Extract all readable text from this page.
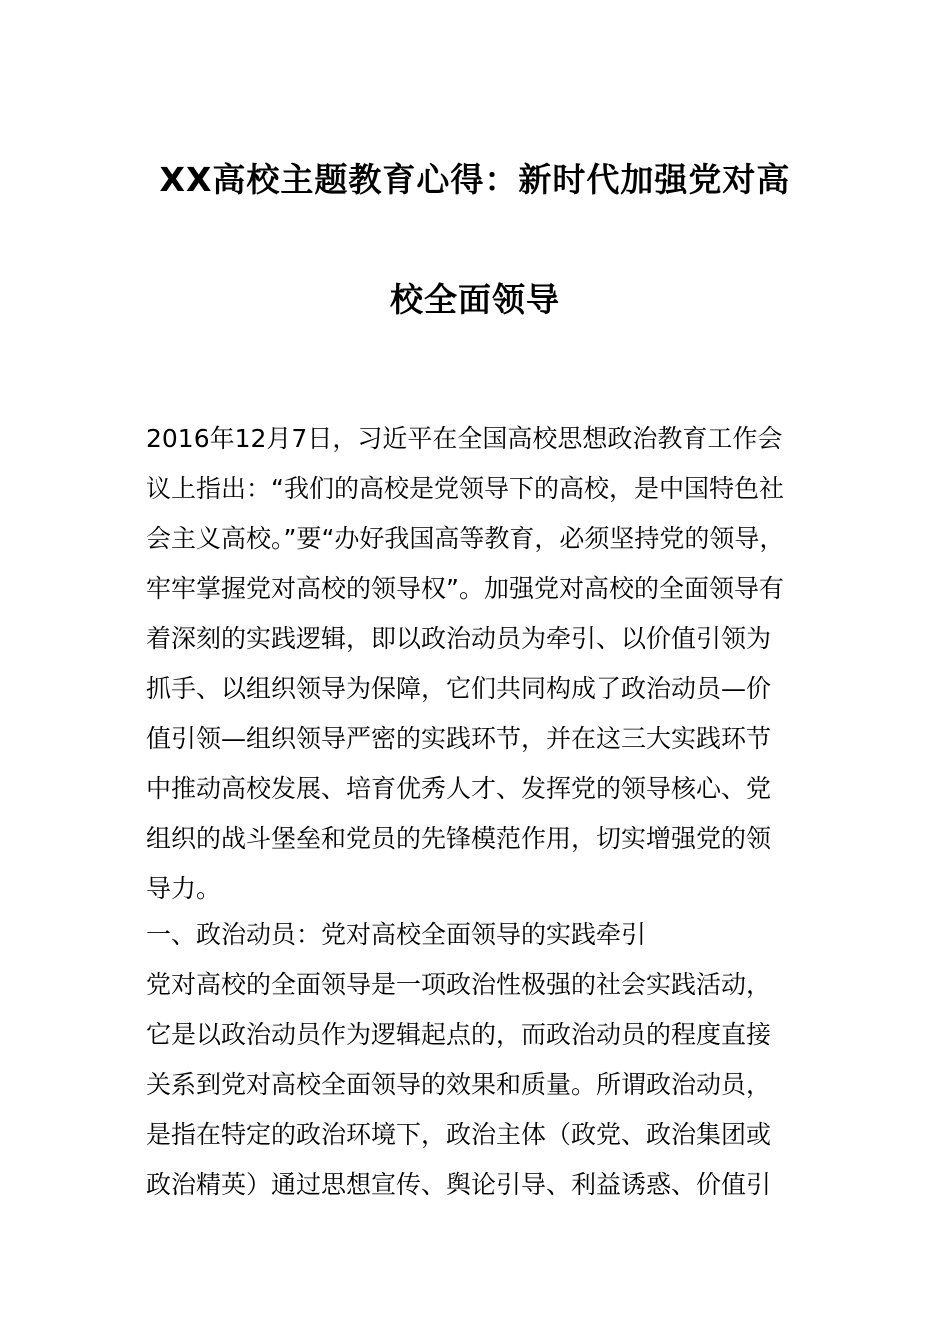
XX高校主题教育心得：新时代加强党对高
校全面领导
2016年12月7日，习近平在全国高校思想政治教育工作会
议上指出：“我们的高校是党领导下的高校，是中国特色社
会主义高校。”要“办好我国高等教育，必须坚持党的领导，
牢牢掌握党对高校的领导权”。加强党对高校的全面领导有
着深刻的实践逻辑，即以政治动员为牵引、以价值引领为
抓手、以组织领导为保障，它们共同构成了政治动员—价
值引领—组织领导严密的实践环节，并在这三大实践环节
中推动高校发展、培育优秀人才、发挥党的领导核心、党
组织的战斗堡垒和党员的先锋模范作用，切实增强党的领
导力。
一、政治动员：党对高校全面领导的实践牵引
党对高校的全面领导是一项政治性极强的社会实践活动，
它是以政治动员作为逻辑起点的，而政治动员的程度直接
关系到党对高校全面领导的效果和质量。所谓政治动员，
是指在特定的政治环境下，政治主体（政党、政治集团或
政治精英）通过思想宣传、舆论引导、利益诱惑、价值引
